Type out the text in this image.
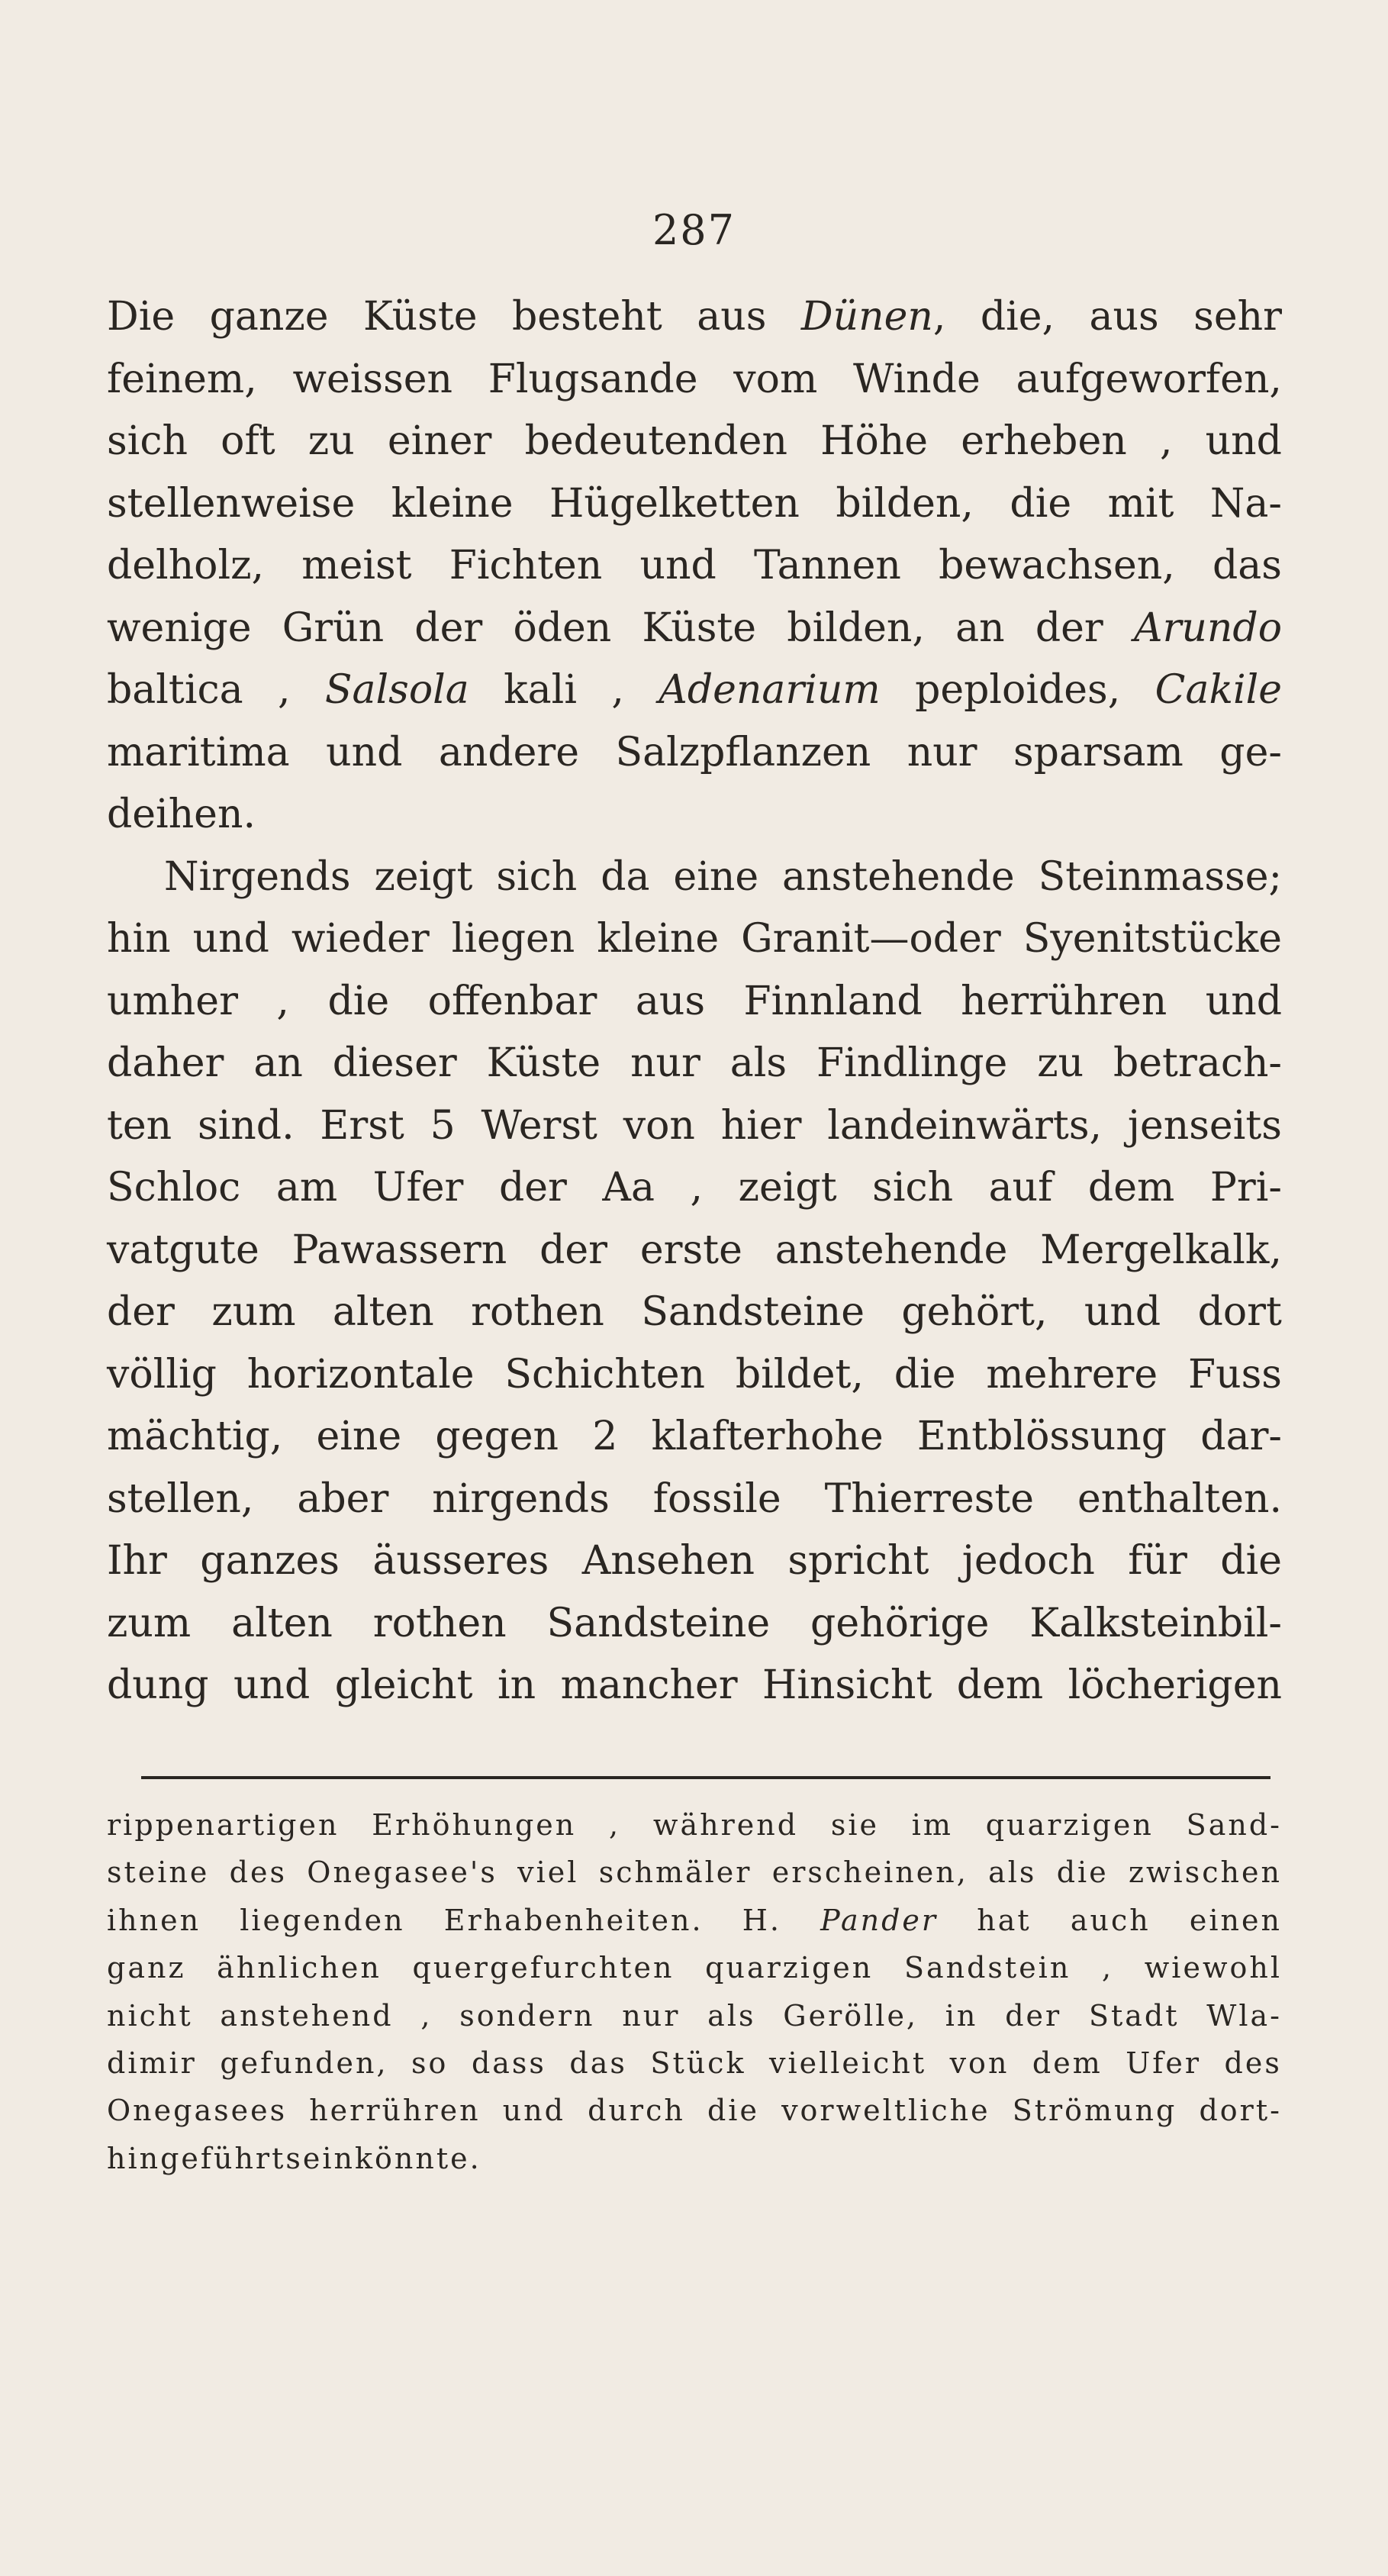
287
Die ganze Küste besteht aus Dünen, die, aus sehr
feinem, weissen Flugsande vom Winde aufgeworfen,
sich oft zu einer bedeutenden Höhe erheben , und
stellenweise kleine Hügelketten bilden, die mit Na-
delholz, meist Fichten und Tannen bewachsen, das
wenige Grün der öden Küste bilden, an der Arundo
baltica , Salsola kali , Adenarium peploides, Cakile
maritima und andere Salzpflanzen nur sparsam ge-
deihen.
Nirgends zeigt sich da eine anstehende Steinmasse;
hin und wieder liegen kleine Granit—oder Syenitstücke
umher , die offenbar aus Finnland herrühren und
daher an dieser Küste nur als Findlinge zu betrach-
ten sind. Erst 5 Werst von hier landeinwärts, jenseits
Schloc am Ufer der Aa , zeigt sich auf dem Pri-
vatgute Pawassern der erste anstehende Mergelkalk,
der zum alten rothen Sandsteine gehört, und dort
völlig horizontale Schichten bildet, die mehrere Fuss
mächtig, eine gegen 2 klafterhohe Entblössung dar-
stellen, aber nirgends fossile Thierreste enthalten.
Ihr ganzes äusseres Ansehen spricht jedoch für die
zum alten rothen Sandsteine gehörige Kalksteinbil-
dung und gleicht in mancher Hinsicht dem löcherigen
rippenartigen Erhöhungen , während sie im quarzigen Sand-
steine des Onegasee's viel schmäler erscheinen, als die zwischen
ihnen liegenden Erhabenheiten. H. Pander hat auch einen
ganz ähnlichen quergefurchten quarzigen Sandstein , wiewohl
nicht anstehend , sondern nur als Gerölle, in der Stadt Wla-
dimir gefunden, so dass das Stück vielleicht von dem Ufer des
Onegasees herrühren und durch die vorweltliche Strömung dort-
hin geführt sein könnte.
